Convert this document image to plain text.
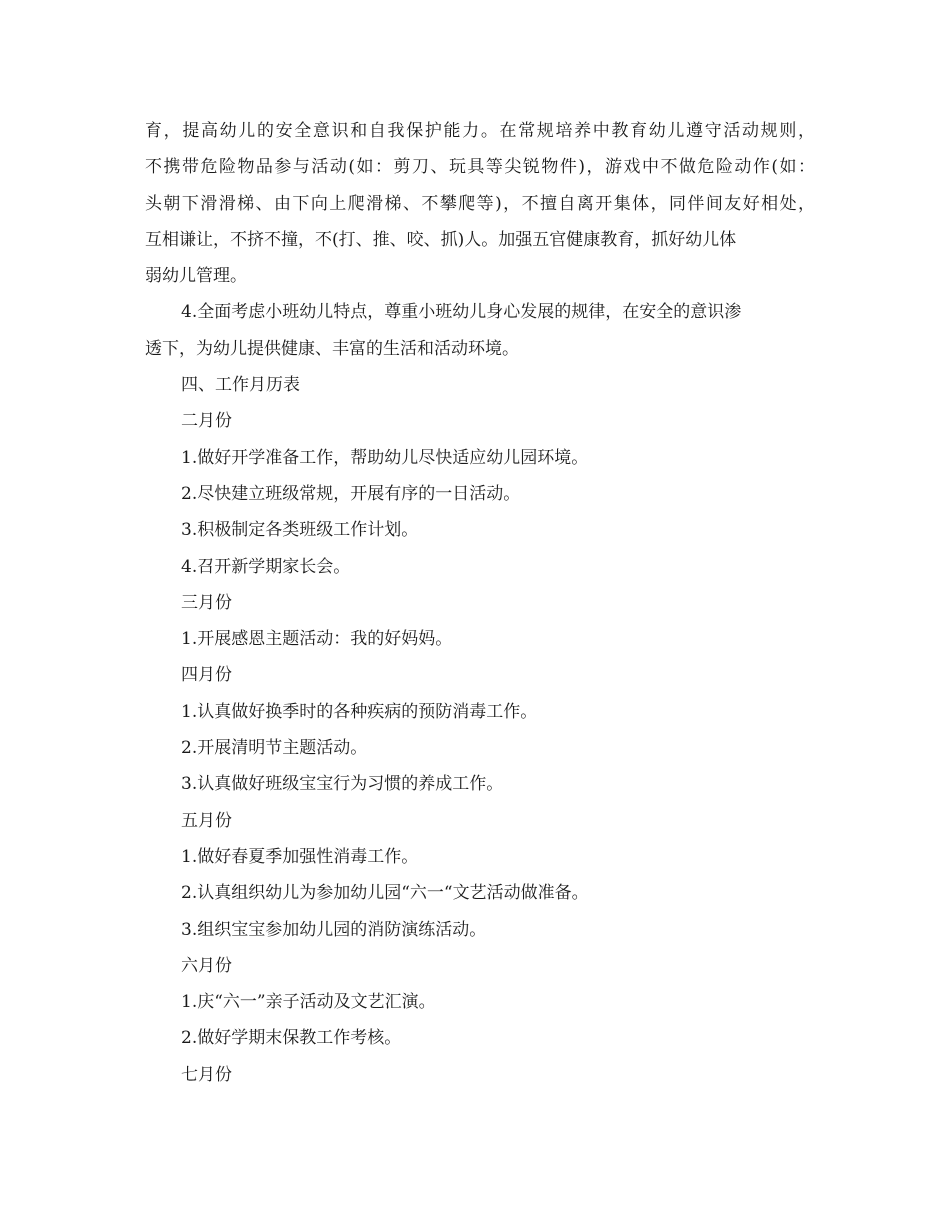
育，提高幼儿的安全意识和自我保护能力。在常规培养中教育幼儿遵守活动规则，
不携带危险物品参与活动(如：剪刀、玩具等尖锐物件)，游戏中不做危险动作(如：
头朝下滑滑梯、由下向上爬滑梯、不攀爬等)，不擅自离开集体，同伴间友好相处，
互相谦让，不挤不撞，不(打、推、咬、抓)人。加强五官健康教育，抓好幼儿体
弱幼儿管理。
4.全面考虑小班幼儿特点，尊重小班幼儿身心发展的规律，在安全的意识渗
透下，为幼儿提供健康、丰富的生活和活动环境。
四、工作月历表
二月份
1.做好开学准备工作，帮助幼儿尽快适应幼儿园环境。
2.尽快建立班级常规，开展有序的一日活动。
3.积极制定各类班级工作计划。
4.召开新学期家长会。
三月份
1.开展感恩主题活动：我的好妈妈。
四月份
1.认真做好换季时的各种疾病的预防消毒工作。
2.开展清明节主题活动。
3.认真做好班级宝宝行为习惯的养成工作。
五月份
1.做好春夏季加强性消毒工作。
2.认真组织幼儿为参加幼儿园“六一“文艺活动做准备。
3.组织宝宝参加幼儿园的消防演练活动。
六月份
1.庆“六一”亲子活动及文艺汇演。
2.做好学期末保教工作考核。
七月份
